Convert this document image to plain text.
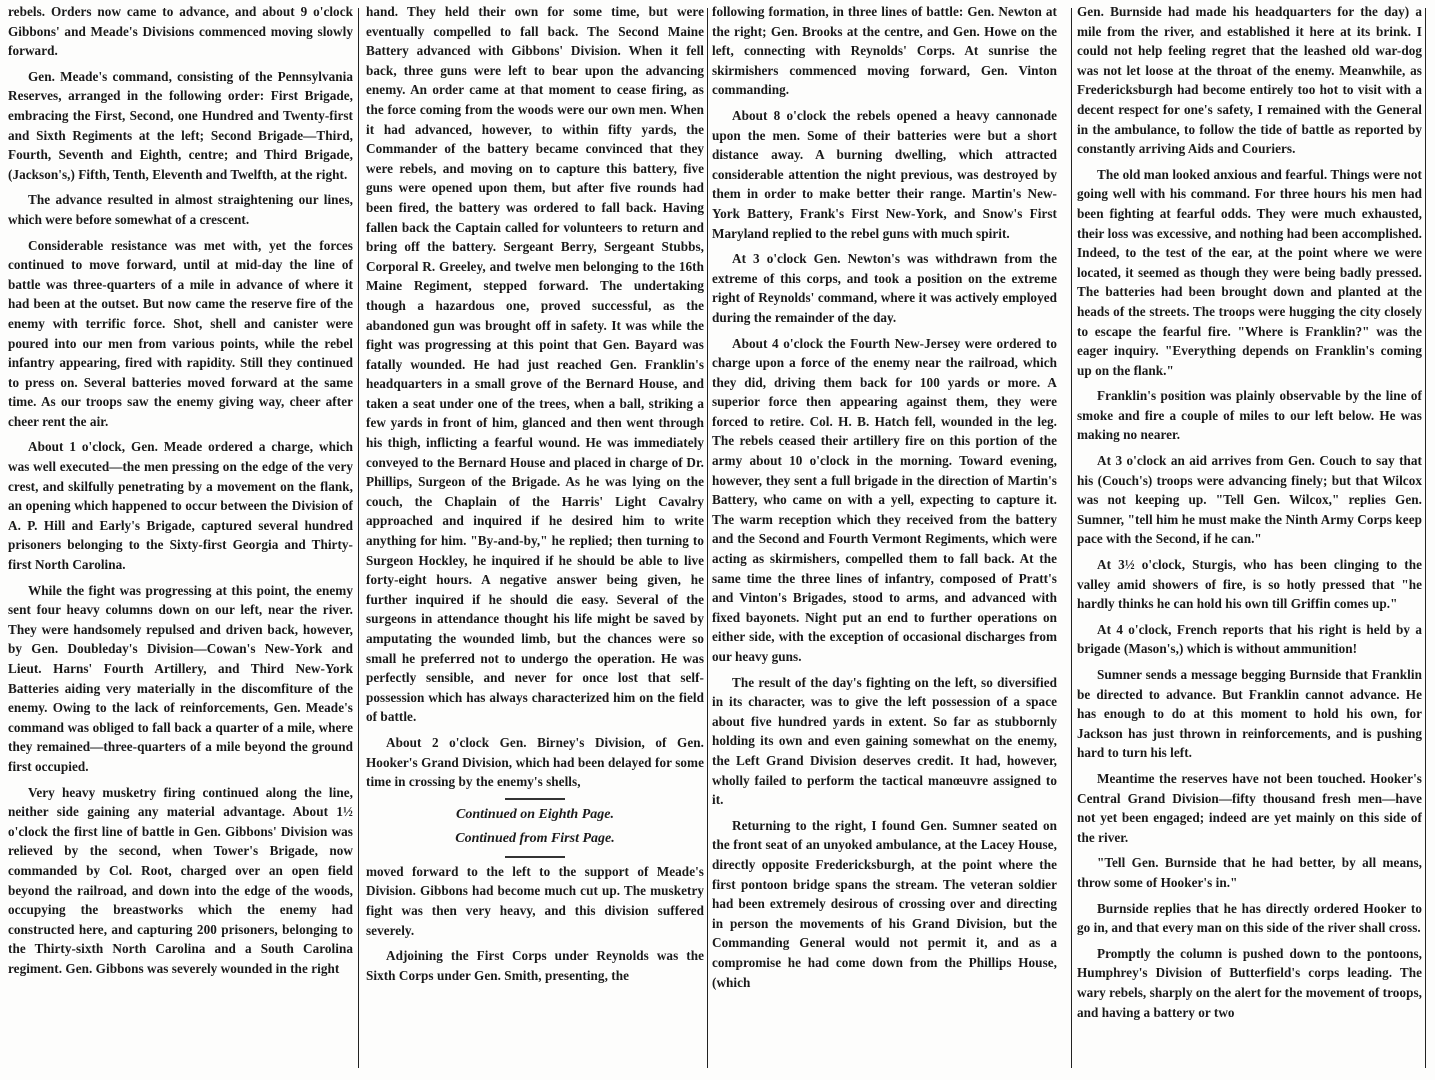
rebels. Orders now came to advance, and about 9 o'clock Gibbons' and Meade's Divisions commenced moving slowly forward.

Gen. Meade's command, consisting of the Pennsylvania Reserves, arranged in the following order: First Brigade, embracing the First, Second, one Hundred and Twenty-first and Sixth Regiments at the left; Second Brigade—Third, Fourth, Seventh and Eighth, centre; and Third Brigade, (Jackson's,) Fifth, Tenth, Eleventh and Twelfth, at the right.

The advance resulted in almost straightening our lines, which were before somewhat of a crescent.

Considerable resistance was met with, yet the forces continued to move forward, until at mid-day the line of battle was three-quarters of a mile in advance of where it had been at the outset. But now came the reserve fire of the enemy with terrific force. Shot, shell and canister were poured into our men from various points, while the rebel infantry appearing, fired with rapidity. Still they continued to press on. Several batteries moved forward at the same time. As our troops saw the enemy giving way, cheer after cheer rent the air.

About 1 o'clock, Gen. Meade ordered a charge, which was well executed—the men pressing on the edge of the very crest, and skilfully penetrating by a movement on the flank, an opening which happened to occur between the Division of A. P. Hill and Early's Brigade, captured several hundred prisoners belonging to the Sixty-first Georgia and Thirty-first North Carolina.

While the fight was progressing at this point, the enemy sent four heavy columns down on our left, near the river. They were handsomely repulsed and driven back, however, by Gen. Doubleday's Division—Cowan's New-York and Lieut. Harns' Fourth Artillery, and Third New-York Batteries aiding very materially in the discomfiture of the enemy. Owing to the lack of reinforcements, Gen. Meade's command was obliged to fall back a quarter of a mile, where they remained—three-quarters of a mile beyond the ground first occupied.

Very heavy musketry firing continued along the line, neither side gaining any material advantage. About 1½ o'clock the first line of battle in Gen. Gibbons' Division was relieved by the second, when Tower's Brigade, now commanded by Col. Root, charged over an open field beyond the railroad, and down into the edge of the woods, occupying the breastworks which the enemy had constructed here, and capturing 200 prisoners, belonging to the Thirty-sixth North Carolina and a South Carolina regiment. Gen. Gibbons was severely wounded in the right

hand. They held their own for some time, but were eventually compelled to fall back. The Second Maine Battery advanced with Gibbons' Division. When it fell back, three guns were left to bear upon the advancing enemy. An order came at that moment to cease firing, as the force coming from the woods were our own men. When it had advanced, however, to within fifty yards, the Commander of the battery became convinced that they were rebels, and moving on to capture this battery, five guns were opened upon them, but after five rounds had been fired, the battery was ordered to fall back. Having fallen back the Captain called for volunteers to return and bring off the battery. Sergeant Berry, Sergeant Stubbs, Corporal R. Greeley, and twelve men belonging to the 16th Maine Regiment, stepped forward. The undertaking though a hazardous one, proved successful, as the abandoned gun was brought off in safety. It was while the fight was progressing at this point that Gen. Bayard was fatally wounded. He had just reached Gen. Franklin's headquarters in a small grove of the Bernard House, and taken a seat under one of the trees, when a ball, striking a few yards in front of him, glanced and then went through his thigh, inflicting a fearful wound. He was immediately conveyed to the Bernard House and placed in charge of Dr. Phillips, Surgeon of the Brigade. As he was lying on the couch, the Chaplain of the Harris' Light Cavalry approached and inquired if he desired him to write anything for him. "By-and-by," he replied; then turning to Surgeon Hockley, he inquired if he should be able to live forty-eight hours. A negative answer being given, he further inquired if he should die easy. Several of the surgeons in attendance thought his life might be saved by amputating the wounded limb, but the chances were so small he preferred not to undergo the operation. He was perfectly sensible, and never for once lost that self-possession which has always characterized him on the field of battle.

About 2 o'clock Gen. Birney's Division, of Gen. Hooker's Grand Division, which had been delayed for some time in crossing by the enemy's shells,

Continued on Eighth Page.
Continued from First Page.

moved forward to the left to the support of Meade's Division. Gibbons had become much cut up. The musketry fight was then very heavy, and this division suffered severely.

Adjoining the First Corps under Reynolds was the Sixth Corps under Gen. Smith, presenting, the

following formation, in three lines of battle: Gen. Newton at the right; Gen. Brooks at the centre, and Gen. Howe on the left, connecting with Reynolds' Corps. At sunrise the skirmishers commenced moving forward, Gen. Vinton commanding.

About 8 o'clock the rebels opened a heavy cannonade upon the men. Some of their batteries were but a short distance away. A burning dwelling, which attracted considerable attention the night previous, was destroyed by them in order to make better their range. Martin's New-York Battery, Frank's First New-York, and Snow's First Maryland replied to the rebel guns with much spirit.

At 3 o'clock Gen. Newton's was withdrawn from the extreme of this corps, and took a position on the extreme right of Reynolds' command, where it was actively employed during the remainder of the day.

About 4 o'clock the Fourth New-Jersey were ordered to charge upon a force of the enemy near the railroad, which they did, driving them back for 100 yards or more. A superior force then appearing against them, they were forced to retire. Col. H. B. Hatch fell, wounded in the leg. The rebels ceased their artillery fire on this portion of the army about 10 o'clock in the morning. Toward evening, however, they sent a full brigade in the direction of Martin's Battery, who came on with a yell, expecting to capture it. The warm reception which they received from the battery and the Second and Fourth Vermont Regiments, which were acting as skirmishers, compelled them to fall back. At the same time the three lines of infantry, composed of Pratt's and Vinton's Brigades, stood to arms, and advanced with fixed bayonets. Night put an end to further operations on either side, with the exception of occasional discharges from our heavy guns.

The result of the day's fighting on the left, so diversified in its character, was to give the left possession of a space about five hundred yards in extent. So far as stubbornly holding its own and even gaining somewhat on the enemy, the Left Grand Division deserves credit. It had, however, wholly failed to perform the tactical manœuvre assigned to it.

Returning to the right, I found Gen. Sumner seated on the front seat of an unyoked ambulance, at the Lacey House, directly opposite Fredericksburgh, at the point where the first pontoon bridge spans the stream. The veteran soldier had been extremely desirous of crossing over and directing in person the movements of his Grand Division, but the Commanding General would not permit it, and as a compromise he had come down from the Phillips House, (which

Gen. Burnside had made his headquarters for the day) a mile from the river, and established it here at its brink. I could not help feeling regret that the leashed old war-dog was not let loose at the throat of the enemy. Meanwhile, as Fredericksburgh had become entirely too hot to visit with a decent respect for one's safety, I remained with the General in the ambulance, to follow the tide of battle as reported by constantly arriving Aids and Couriers.

The old man looked anxious and fearful. Things were not going well with his command. For three hours his men had been fighting at fearful odds. They were much exhausted, their loss was excessive, and nothing had been accomplished. Indeed, to the test of the ear, at the point where we were located, it seemed as though they were being badly pressed. The batteries had been brought down and planted at the heads of the streets. The troops were hugging the city closely to escape the fearful fire. "Where is Franklin?" was the eager inquiry. "Everything depends on Franklin's coming up on the flank."

Franklin's position was plainly observable by the line of smoke and fire a couple of miles to our left below. He was making no nearer.

At 3 o'clock an aid arrives from Gen. Couch to say that his (Couch's) troops were advancing finely; but that Wilcox was not keeping up. "Tell Gen. Wilcox," replies Gen. Sumner, "tell him he must make the Ninth Army Corps keep pace with the Second, if he can."

At 3½ o'clock, Sturgis, who has been clinging to the valley amid showers of fire, is so hotly pressed that "he hardly thinks he can hold his own till Griffin comes up."

At 4 o'clock, French reports that his right is held by a brigade (Mason's,) which is without ammunition!

Sumner sends a message begging Burnside that Franklin be directed to advance. But Franklin cannot advance. He has enough to do at this moment to hold his own, for Jackson has just thrown in reinforcements, and is pushing hard to turn his left.

Meantime the reserves have not been touched. Hooker's Central Grand Division—fifty thousand fresh men—have not yet been engaged; indeed are yet mainly on this side of the river.

"Tell Gen. Burnside that he had better, by all means, throw some of Hooker's in."

Burnside replies that he has directly ordered Hooker to go in, and that every man on this side of the river shall cross.

Promptly the column is pushed down to the pontoons, Humphrey's Division of Butterfield's corps leading. The wary rebels, sharply on the alert for the movement of troops, and having a battery or two
